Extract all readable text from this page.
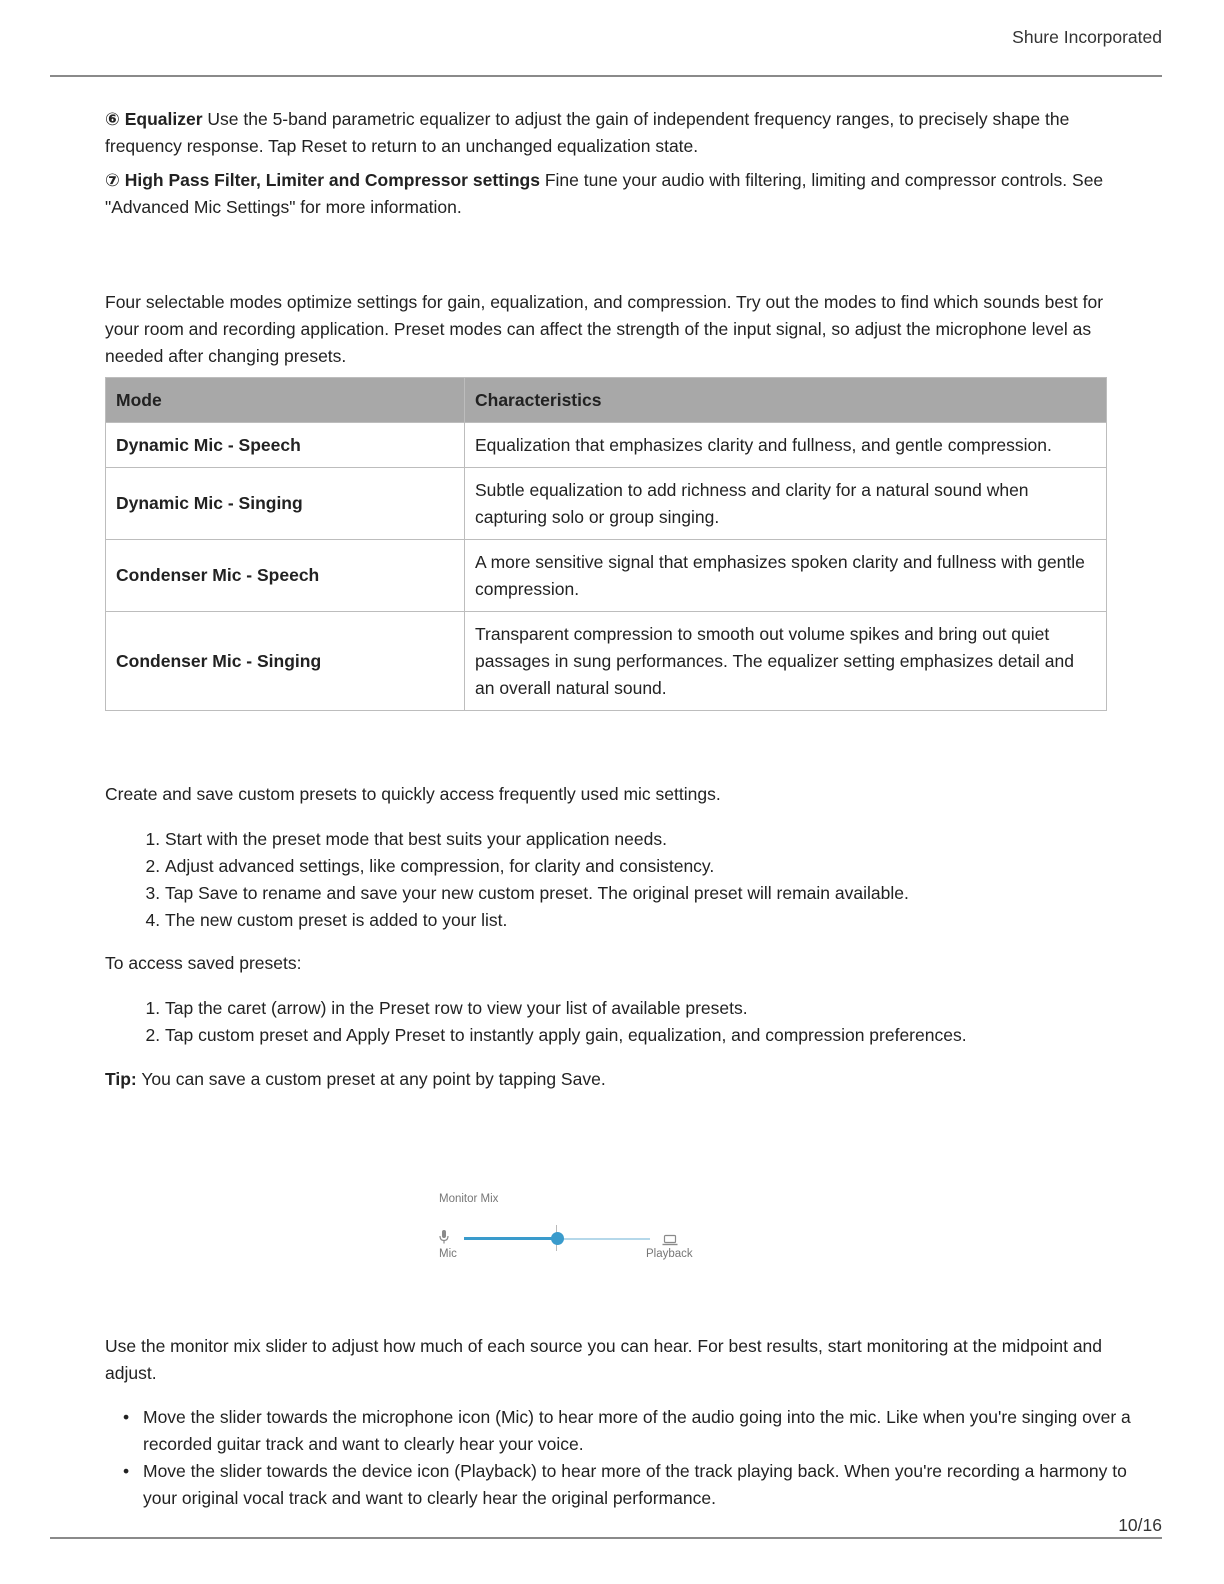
Shure Incorporated

⑥ Equalizer Use the 5-band parametric equalizer to adjust the gain of independent frequency ranges, to precisely shape the frequency response. Tap Reset to return to an unchanged equalization state.

⑦ High Pass Filter, Limiter and Compressor settings Fine tune your audio with filtering, limiting and compressor controls. See "Advanced Mic Settings" for more information.

Four selectable modes optimize settings for gain, equalization, and compression. Try out the modes to find which sounds best for your room and recording application. Preset modes can affect the strength of the input signal, so adjust the microphone level as needed after changing presets.

Mode	Characteristics
Dynamic Mic - Speech	Equalization that emphasizes clarity and fullness, and gentle compression.
Dynamic Mic - Singing	Subtle equalization to add richness and clarity for a natural sound when capturing solo or group singing.
Condenser Mic - Speech	A more sensitive signal that emphasizes spoken clarity and fullness with gentle compression.
Condenser Mic - Singing	Transparent compression to smooth out volume spikes and bring out quiet passages in sung performances. The equalizer setting emphasizes detail and an overall natural sound.

Create and save custom presets to quickly access frequently used mic settings.

1. Start with the preset mode that best suits your application needs.
2. Adjust advanced settings, like compression, for clarity and consistency.
3. Tap Save to rename and save your new custom preset. The original preset will remain available.
4. The new custom preset is added to your list.

To access saved presets:

1. Tap the caret (arrow) in the Preset row to view your list of available presets.
2. Tap custom preset and Apply Preset to instantly apply gain, equalization, and compression preferences.

Tip: You can save a custom preset at any point by tapping Save.

Monitor Mix
Mic	Playback

Use the monitor mix slider to adjust how much of each source you can hear. For best results, start monitoring at the midpoint and adjust.

• Move the slider towards the microphone icon (Mic) to hear more of the audio going into the mic. Like when you're singing over a recorded guitar track and want to clearly hear your voice.
• Move the slider towards the device icon (Playback) to hear more of the track playing back. When you're recording a harmony to your original vocal track and want to clearly hear the original performance.
10/16
